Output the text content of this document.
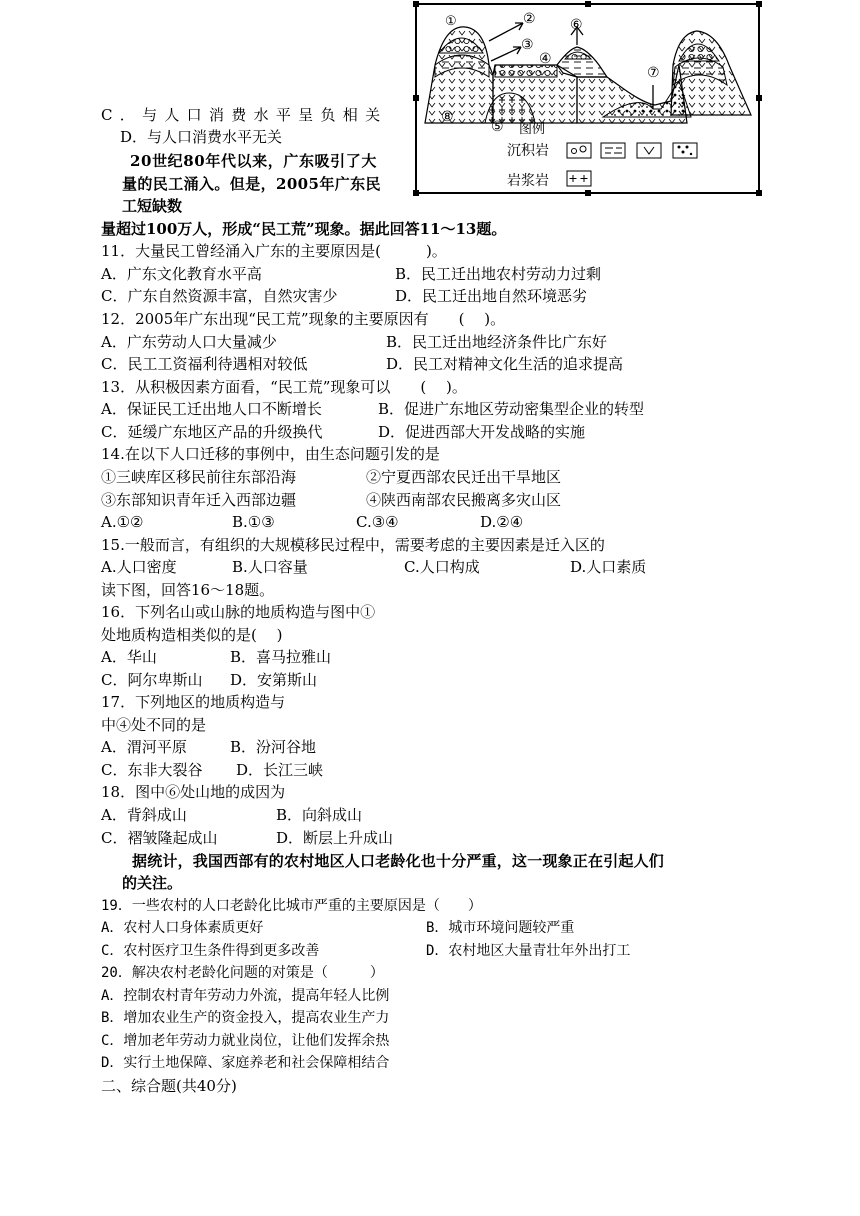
①	②
③
④
⑥
⑦
⑧
⑤ 图例
沉积岩
岩浆岩
C．与人口消费水平呈负相关
D．与人口消费水平无关
20世纪80年代以来，广东吸引了大
量的民工涌入。但是，2005年广东民
工短缺数
量超过100万人，形成“民工荒”现象。据此回答11～13题。
11．大量民工曾经涌入广东的主要原因是(　　　)。
A．广东文化教育水平高	B．民工迁出地农村劳动力过剩
C．广东自然资源丰富，自然灾害少	D．民工迁出地自然环境恶劣
12．2005年广东出现“民工荒”现象的主要原因有　　(　 )。
A．广东劳动人口大量减少	B．民工迁出地经济条件比广东好
C．民工工资福利待遇相对较低	D．民工对精神文化生活的追求提高
13．从积极因素方面看，“民工荒”现象可以　　(　 )。
A．保证民工迁出地人口不断增长	B．促进广东地区劳动密集型企业的转型
C．延缓广东地区产品的升级换代	D．促进西部大开发战略的实施
14.在以下人口迁移的事例中，由生态问题引发的是
①三峡库区移民前往东部沿海	②宁夏西部农民迁出干旱地区
③东部知识青年迁入西部边疆	④陕西南部农民搬离多灾山区
A.①②	B.①③	C.③④	D.②④
15.一般而言，有组织的大规模移民过程中，需要考虑的主要因素是迁入区的
A.人口密度	B.人口容量	C.人口构成	D.人口素质
读下图，回答16～18题。
16．下列名山或山脉的地质构造与图中①
处地质构造相类似的是(　 )
A．华山	B．喜马拉雅山
C．阿尔卑斯山 D．安第斯山
17．下列地区的地质构造与
中④处不同的是
A．渭河平原	B．汾河谷地
C．东非大裂谷 D．长江三峡
18．图中⑥处山地的成因为
A．背斜成山	B．向斜成山
C．褶皱隆起成山	D．断层上升成山
据统计，我国西部有的农村地区人口老龄化也十分严重，这一现象正在引起人们
的关注。
19．一些农村的人口老龄化比城市严重的主要原因是（　　）
A．农村人口身体素质更好	B．城市环境问题较严重
C．农村医疗卫生条件得到更多改善	D．农村地区大量青壮年外出打工
20．解决农村老龄化问题的对策是（　　　）
A．控制农村青年劳动力外流，提高年轻人比例
B．增加农业生产的资金投入，提高农业生产力
C．增加老年劳动力就业岗位，让他们发挥余热
D．实行土地保障、家庭养老和社会保障相结合
二、综合题(共40分)
